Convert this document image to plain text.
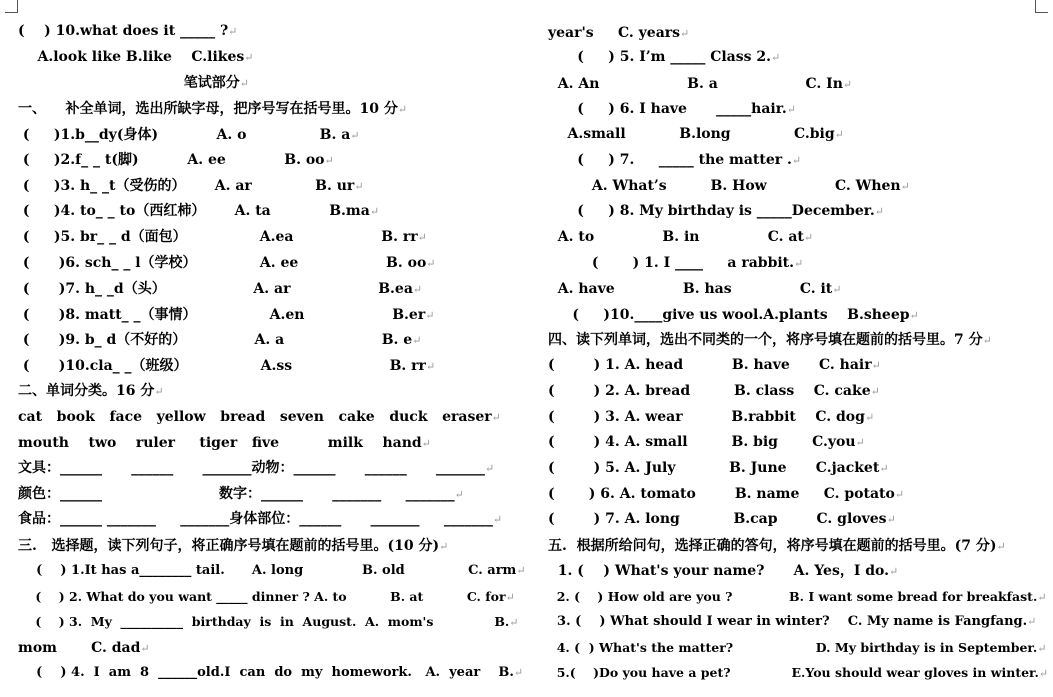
(    ) 10.what does it _____ ?↵
A.look like B.like    C.likes↵
笔试部分↵
一、    补全单词，选出所缺字母，把序号写在括号里。10 分↵
(     )1.b__dy(身体)            A. o               B. a↵
(     )2.f_ _ t(脚)          A. ee            B. oo↵
(     )3. h_ _t（受伤的）      A. ar             B. ur↵
(     )4. to_ _ to（西红柿）      A. ta            B.ma↵
(     )5. br_ _ d（面包）               A.ea                  B. rr↵
(      )6. sch_ _ l（学校）             A. ee                  B. oo↵
(      )7. h_ _d（头）                  A. ar                  B.ea↵
(      )8. matt_ _（事情）               A.en                  B.er↵
(      )9. b_ d（不好的）              A. a                    B. e↵
(      )10.cla_ _（班级）               A.ss                    B. rr↵
二、单词分类。16 分↵
cat   book   face   yellow   bread   seven   cake   duck   eraser↵
mouth    two    ruler     tiger   five          milk    hand↵
文具：______      ______      _______动物：______      ______      _______↵
颜色：______                        数字：______      _______     _______↵
食品：______ _______     _______身体部位：______      _______     _______↵
三.   选择题，读下列句子，将正确序号填在题前的括号里。(10 分)↵
(    ) 1.It has a________ tail.      A. long             B. old              C. arm↵
(    ) 2. What do you want _____ dinner ? A. to          B. at          C. for↵
(    ) 3.  My  __________  birthday  is  in  August.  A.  mom's              B.↵
mom       C. dad↵
(    ) 4.  I  am  8  ______old.I  can  do  my  homework.   A.  year    B.↵
year's     C. years↵
(     ) 5. I’m _____ Class 2.↵
A. An                  B. a                  C. In↵
(     ) 6. I have      _____hair.↵
A.small           B.long             C.big↵
(     ) 7.     _____ the matter .↵
A. What’s         B. How              C. When↵
(     ) 8. My birthday is _____December.↵
A. to              B. in              C. at↵
(       ) 1. I ____     a rabbit.↵
A. have              B. has              C. it↵
(     )10.____give us wool.A.plants    B.sheep↵
四、读下列单词，选出不同类的一个，将序号填在题前的括号里。7 分↵
(        ) 1. A. head          B. have      C. hair↵
(        ) 2. A. bread         B. class    C. cake↵
(        ) 3. A. wear          B.rabbit    C. dog↵
(        ) 4. A. small         B. big       C.you↵
(        ) 5. A. July           B. June      C.jacket↵
(       ) 6. A. tomato        B. name     C. potato↵
(        ) 7. A. long           B.cap        C. gloves↵
五.  根据所给问句，选择正确的答句，将序号填在题前的括号里。(7 分)↵
1. (    ) What's your name?      A. Yes，I do.↵
2. (    ) How old are you ?             B. I want some bread for breakfast.↵
3. (    ) What should I wear in winter?    C. My name is Fangfang.↵
4. (  ) What's the matter?                   D. My birthday is in September.↵
5.(    )Do you have a pet?              E.You should wear gloves in winter.↵
